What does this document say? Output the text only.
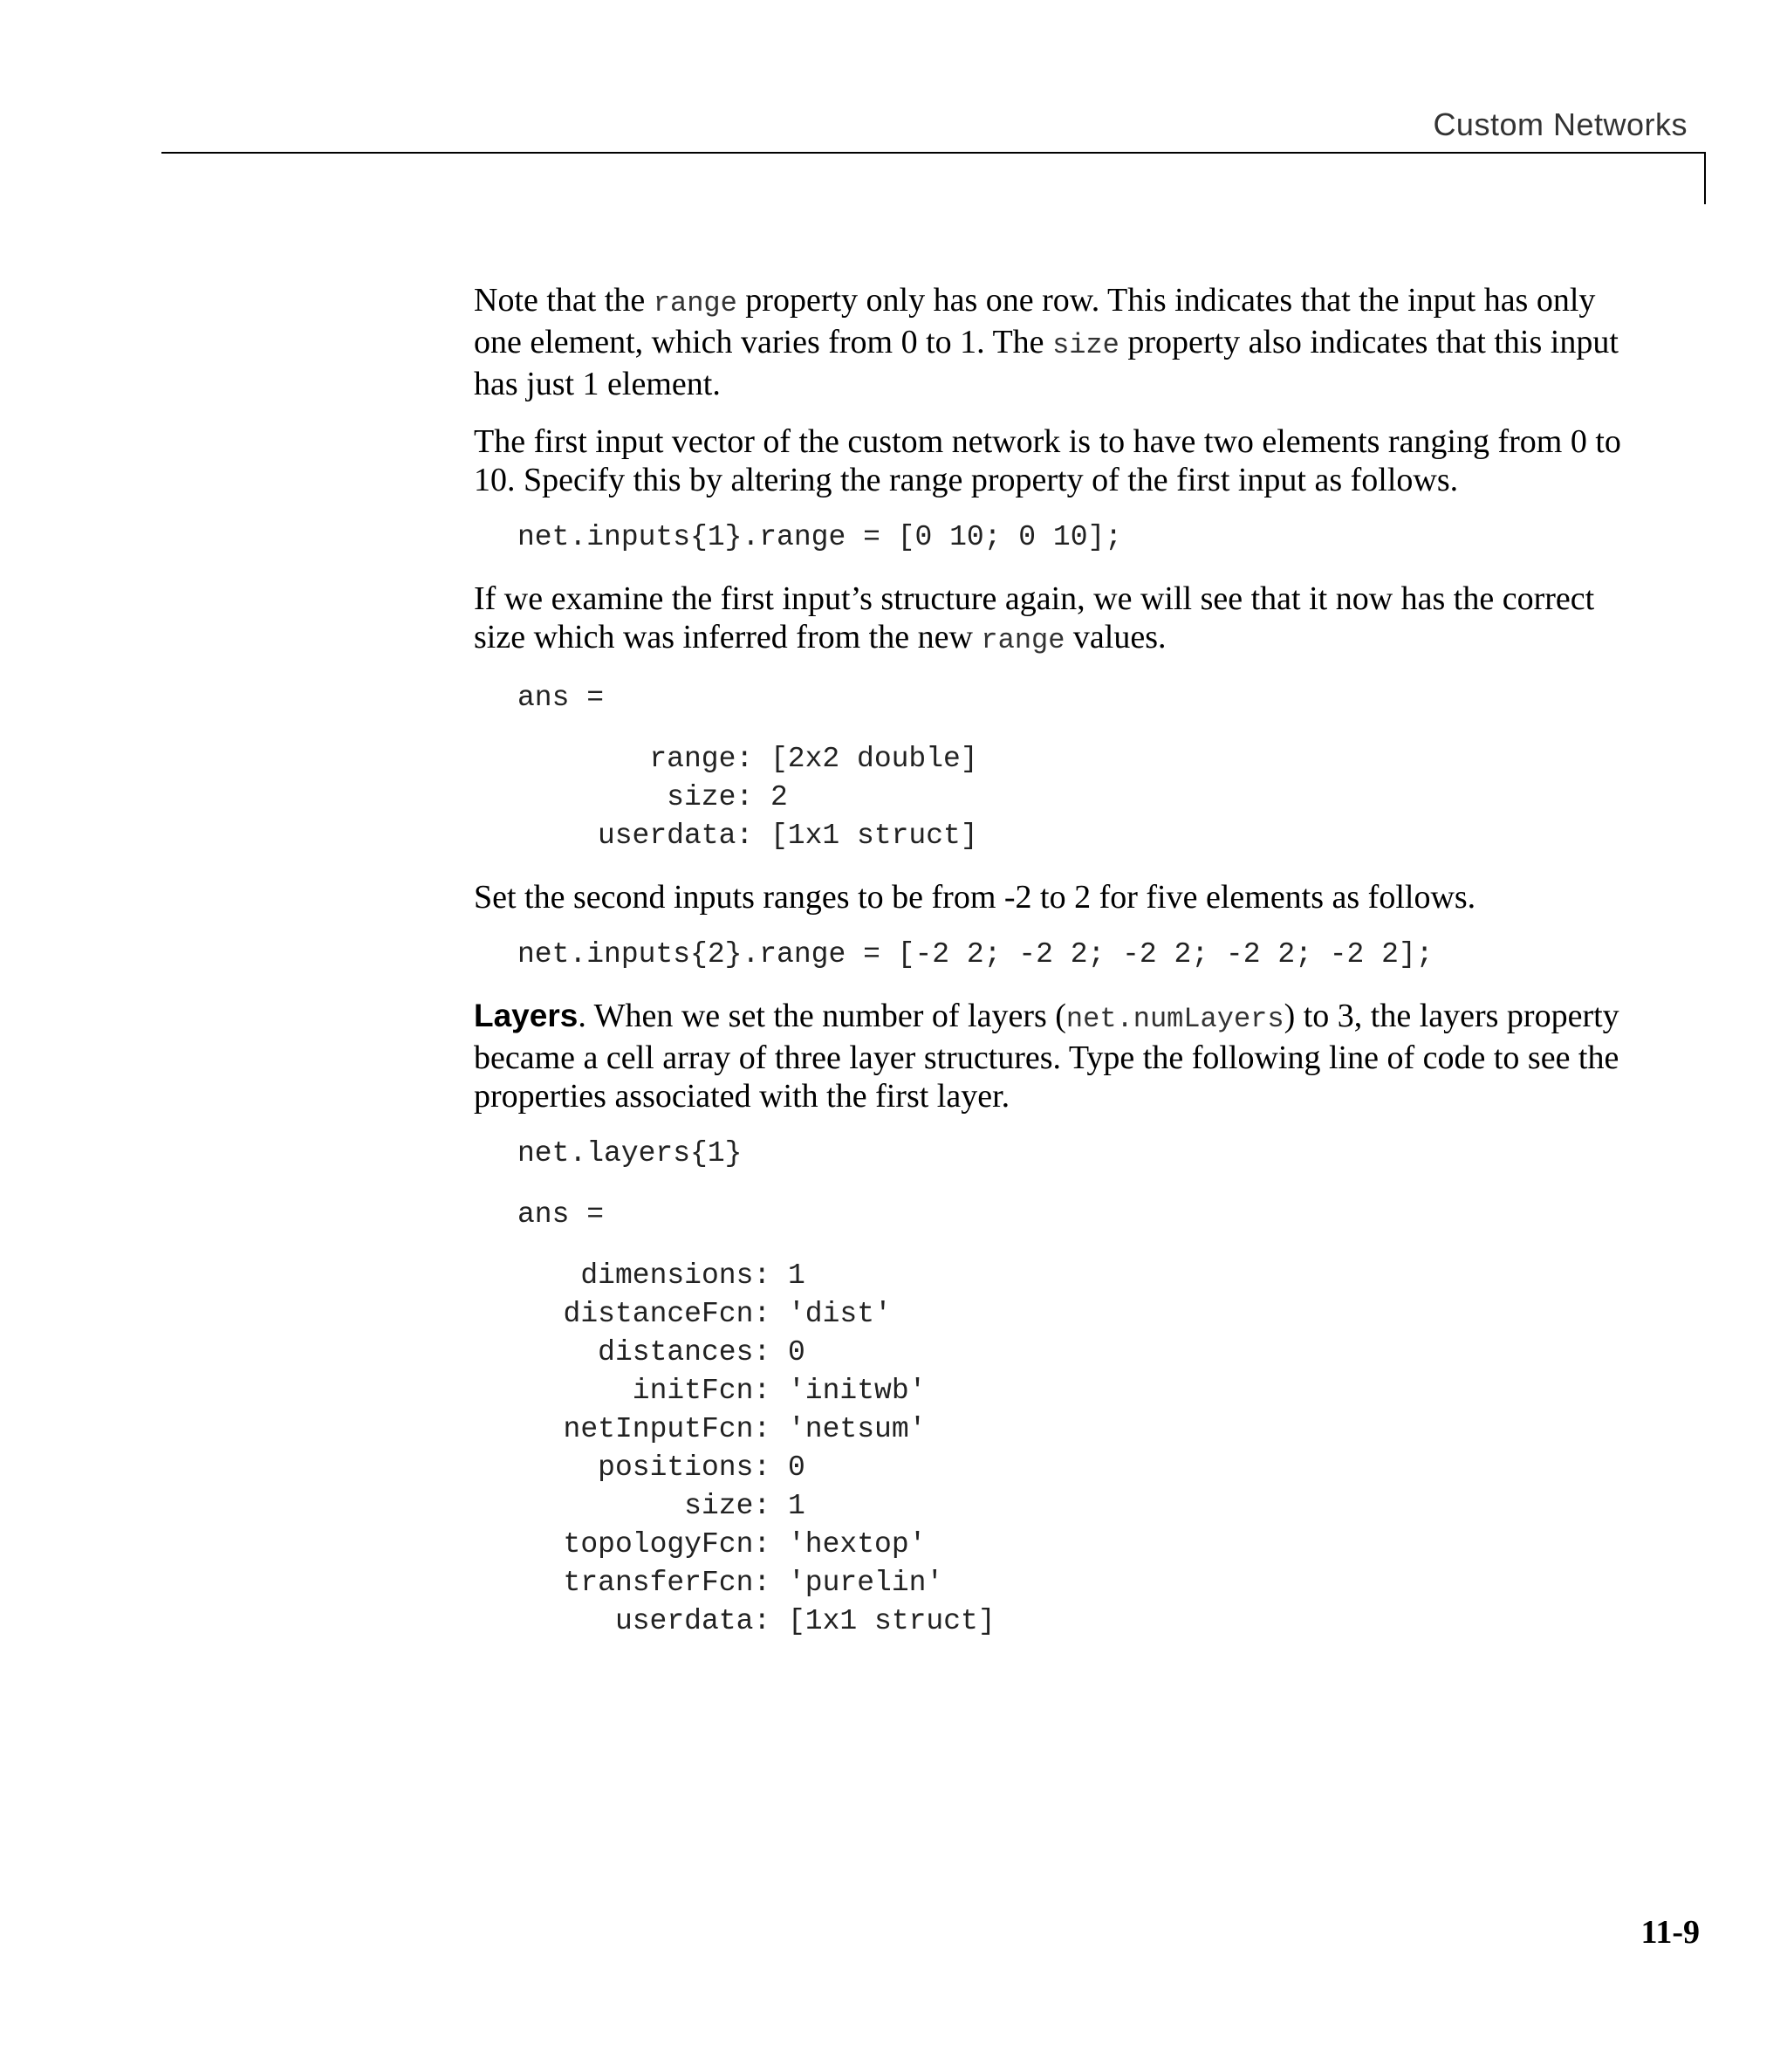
Custom Networks

Note that the range property only has one row. This indicates that the input has only one element, which varies from 0 to 1. The size property also indicates that this input has just 1 element.

The first input vector of the custom network is to have two elements ranging from 0 to 10. Specify this by altering the range property of the first input as follows.

net.inputs{1}.range = [0 10; 0 10];

If we examine the first input’s structure again, we will see that it now has the correct size which was inferred from the new range values.

ans =
range: [2x2 double]
size: 2
userdata: [1x1 struct]

Set the second inputs ranges to be from -2 to 2 for five elements as follows.

net.inputs{2}.range = [-2 2; -2 2; -2 2; -2 2; -2 2];

Layers. When we set the number of layers (net.numLayers) to 3, the layers property became a cell array of three layer structures. Type the following line of code to see the properties associated with the first layer.

net.layers{1}
ans =
dimensions: 1
distanceFcn: 'dist'
distances: 0
initFcn: 'initwb'
netInputFcn: 'netsum'
positions: 0
size: 1
topologyFcn: 'hextop'
transferFcn: 'purelin'
userdata: [1x1 struct]
11-9
